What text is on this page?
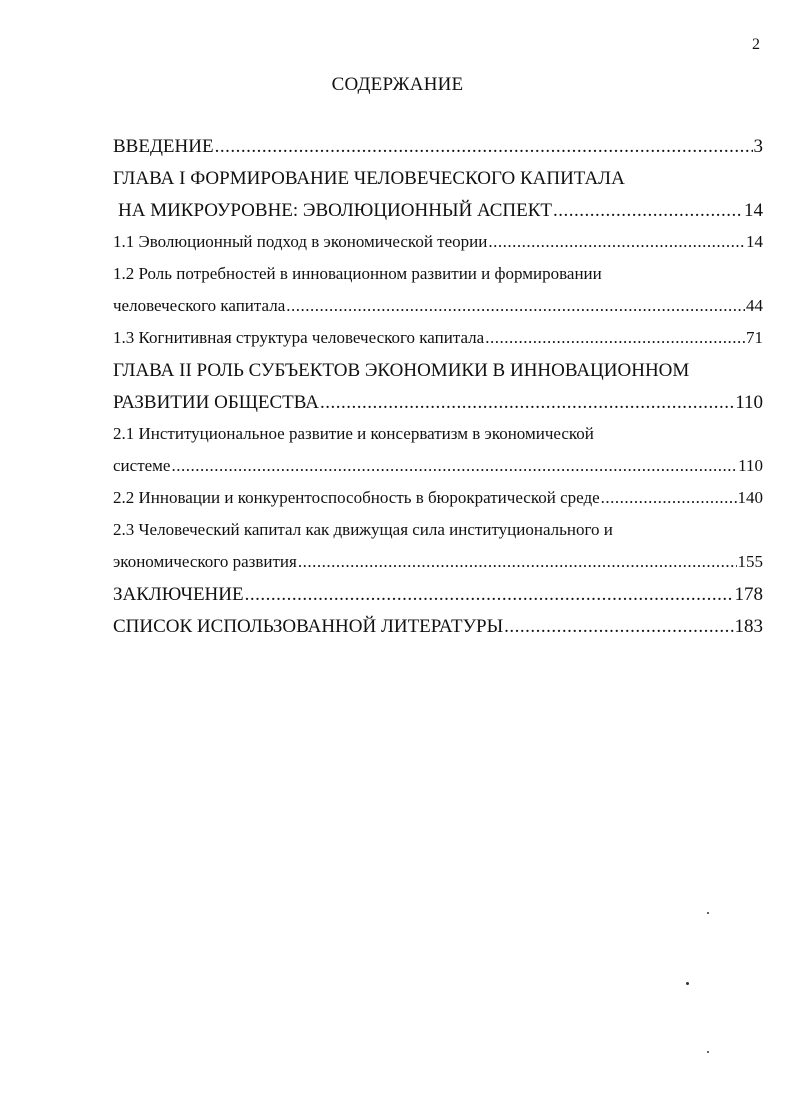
2
СОДЕРЖАНИЕ
ВВЕДЕНИЕ .....	3
ГЛАВА I ФОРМИРОВАНИЕ ЧЕЛОВЕЧЕСКОГО КАПИТАЛА
НА МИКРОУРОВНЕ: ЭВОЛЮЦИОННЫЙ АСПЕКТ .....	14
1.1 Эволюционный подход в экономической теории .....	14
1.2 Роль потребностей в инновационном развитии и формировании
человеческого капитала .....	44
1.3 Когнитивная структура человеческого капитала .....	71
ГЛАВА II РОЛЬ СУБЪЕКТОВ ЭКОНОМИКИ В ИННОВАЦИОННОМ
РАЗВИТИИ ОБЩЕСТВА .....	110
2.1 Институциональное развитие и консерватизм в экономической
системе .....	110
2.2 Инновации и конкурентоспособность в бюрократической среде .....	140
2.3 Человеческий капитал как движущая сила институционального и
экономического развития .....	155
ЗАКЛЮЧЕНИЕ .....	178
СПИСОК ИСПОЛЬЗОВАННОЙ ЛИТЕРАТУРЫ .....	183
